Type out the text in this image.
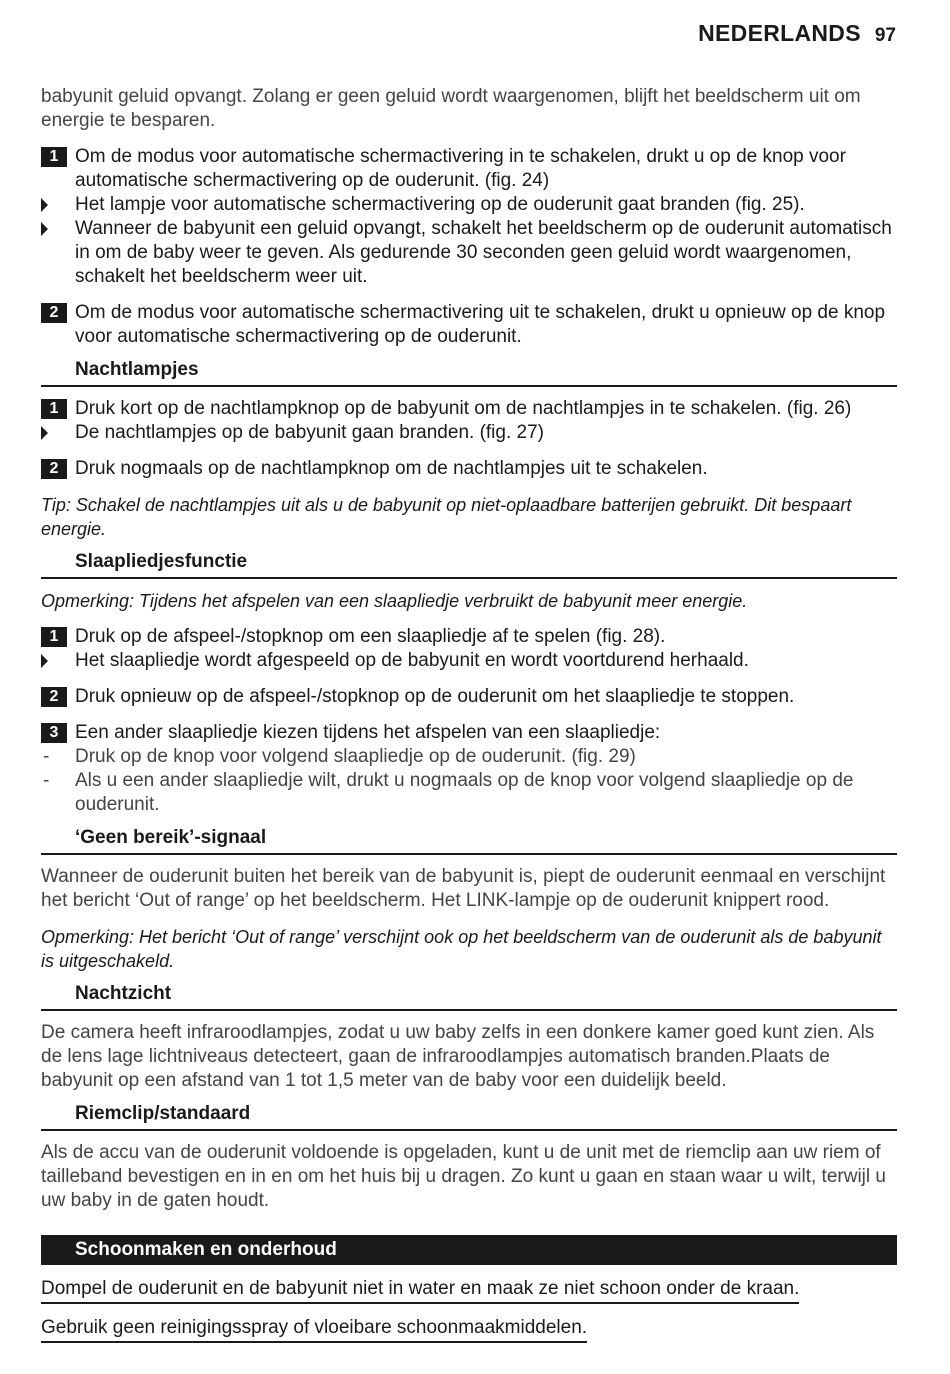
NEDERLANDS 97
babyunit geluid opvangt. Zolang er geen geluid wordt waargenomen, blijft het beeldscherm uit om energie te besparen.
1 Om de modus voor automatische schermactivering in te schakelen, drukt u op de knop voor automatische schermactivering op de ouderunit. (fig. 24)
Het lampje voor automatische schermactivering op de ouderunit gaat branden (fig. 25).
Wanneer de babyunit een geluid opvangt, schakelt het beeldscherm op de ouderunit automatisch in om de baby weer te geven. Als gedurende 30 seconden geen geluid wordt waargenomen, schakelt het beeldscherm weer uit.
2 Om de modus voor automatische schermactivering uit te schakelen, drukt u opnieuw op de knop voor automatische schermactivering op de ouderunit.
Nachtlampjes
1 Druk kort op de nachtlampknop op de babyunit om de nachtlampjes in te schakelen. (fig. 26)
De nachtlampjes op de babyunit gaan branden. (fig. 27)
2 Druk nogmaals op de nachtlampknop om de nachtlampjes uit te schakelen.
Tip: Schakel de nachtlampjes uit als u de babyunit op niet-oplaadbare batterijen gebruikt. Dit bespaart energie.
Slaapliedjesfunctie
Opmerking: Tijdens het afspelen van een slaapliedje verbruikt de babyunit meer energie.
1 Druk op de afspeel-/stopknop om een slaapliedje af te spelen (fig. 28).
Het slaapliedje wordt afgespeeld op de babyunit en wordt voortdurend herhaald.
2 Druk opnieuw op de afspeel-/stopknop op de ouderunit om het slaapliedje te stoppen.
3 Een ander slaapliedje kiezen tijdens het afspelen van een slaapliedje:
- Druk op de knop voor volgend slaapliedje op de ouderunit. (fig. 29)
- Als u een ander slaapliedje wilt, drukt u nogmaals op de knop voor volgend slaapliedje op de ouderunit.
‘Geen bereik’-signaal
Wanneer de ouderunit buiten het bereik van de babyunit is, piept de ouderunit eenmaal en verschijnt het bericht ‘Out of range’ op het beeldscherm. Het LINK-lampje op de ouderunit knippert rood.
Opmerking: Het bericht ‘Out of range’ verschijnt ook op het beeldscherm van de ouderunit als de babyunit is uitgeschakeld.
Nachtzicht
De camera heeft infraroodlampjes, zodat u uw baby zelfs in een donkere kamer goed kunt zien. Als de lens lage lichtniveaus detecteert, gaan de infraroodlampjes automatisch branden.Plaats de babyunit op een afstand van 1 tot 1,5 meter van de baby voor een duidelijk beeld.
Riemclip/standaard
Als de accu van de ouderunit voldoende is opgeladen, kunt u de unit met de riemclip aan uw riem of tailleband bevestigen en in en om het huis bij u dragen. Zo kunt u gaan en staan waar u wilt, terwijl u uw baby in de gaten houdt.
Schoonmaken en onderhoud
Dompel de ouderunit en de babyunit niet in water en maak ze niet schoon onder de kraan.
Gebruik geen reinigingsspray of vloeibare schoonmaakmiddelen.
